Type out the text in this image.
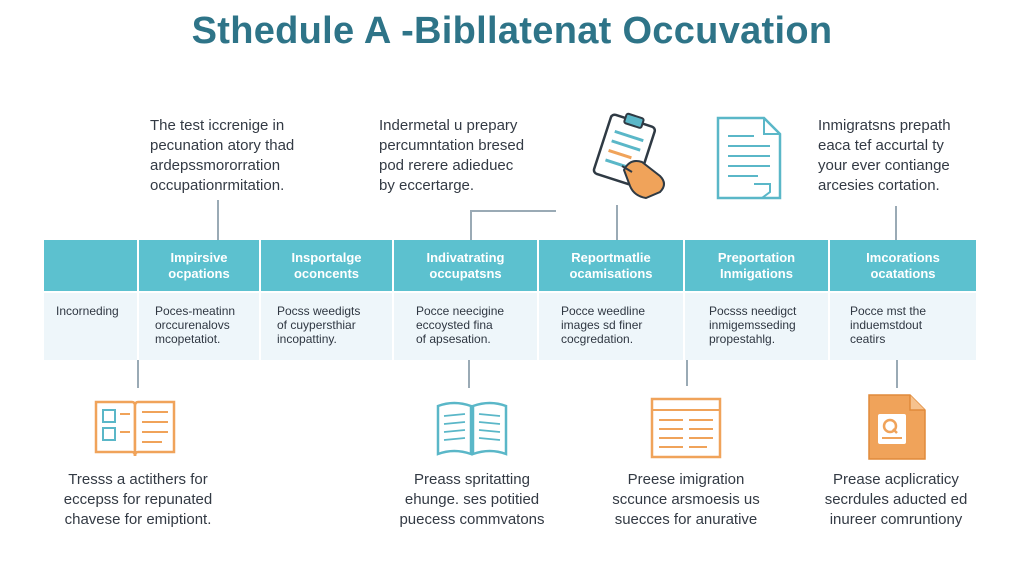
Sthedule A -Bibllatenat Occuvation
The test iccrenige in
pecunation atory thad
ardepssmororration
occupationrmitation.
Indermetal u prepary
percumntation bresed
pod rerere adieduec
by eccertarge.
Inmigratsns prepath
eaca tef accurtal ty
your ever contiange
arcesies cortation.
Impirsive
ocpations
Insportalge
oconcents
Indivatrating
occupatsns
Reportmatlie
ocamisations
Preportation
Inmigations
Imcorations
ocatations
Incorneding	Poces-meatinn
orccurenalovs
mcopetatiot.
Pocss weedigts
of cuypersthiar
incopattiny.
Pocce neecigine
eccoysted fina
of apsesation.
Pocce weedline
images sd finer
cocgredation.
Pocsss needigct
inmigemsseding
propestahlg.
Pocce mst the
induemstdout
ceatirs
Tresss a actithers for
eccepss for repunated
chavese for emiptiont.
Preass spritatting
ehunge. ses potitied
puecess commvatons
Preese imigration
sccunce arsmoesis us
suecces for anurative
Prease acplicraticy
secrdules aducted ed
inureer comruntiony
